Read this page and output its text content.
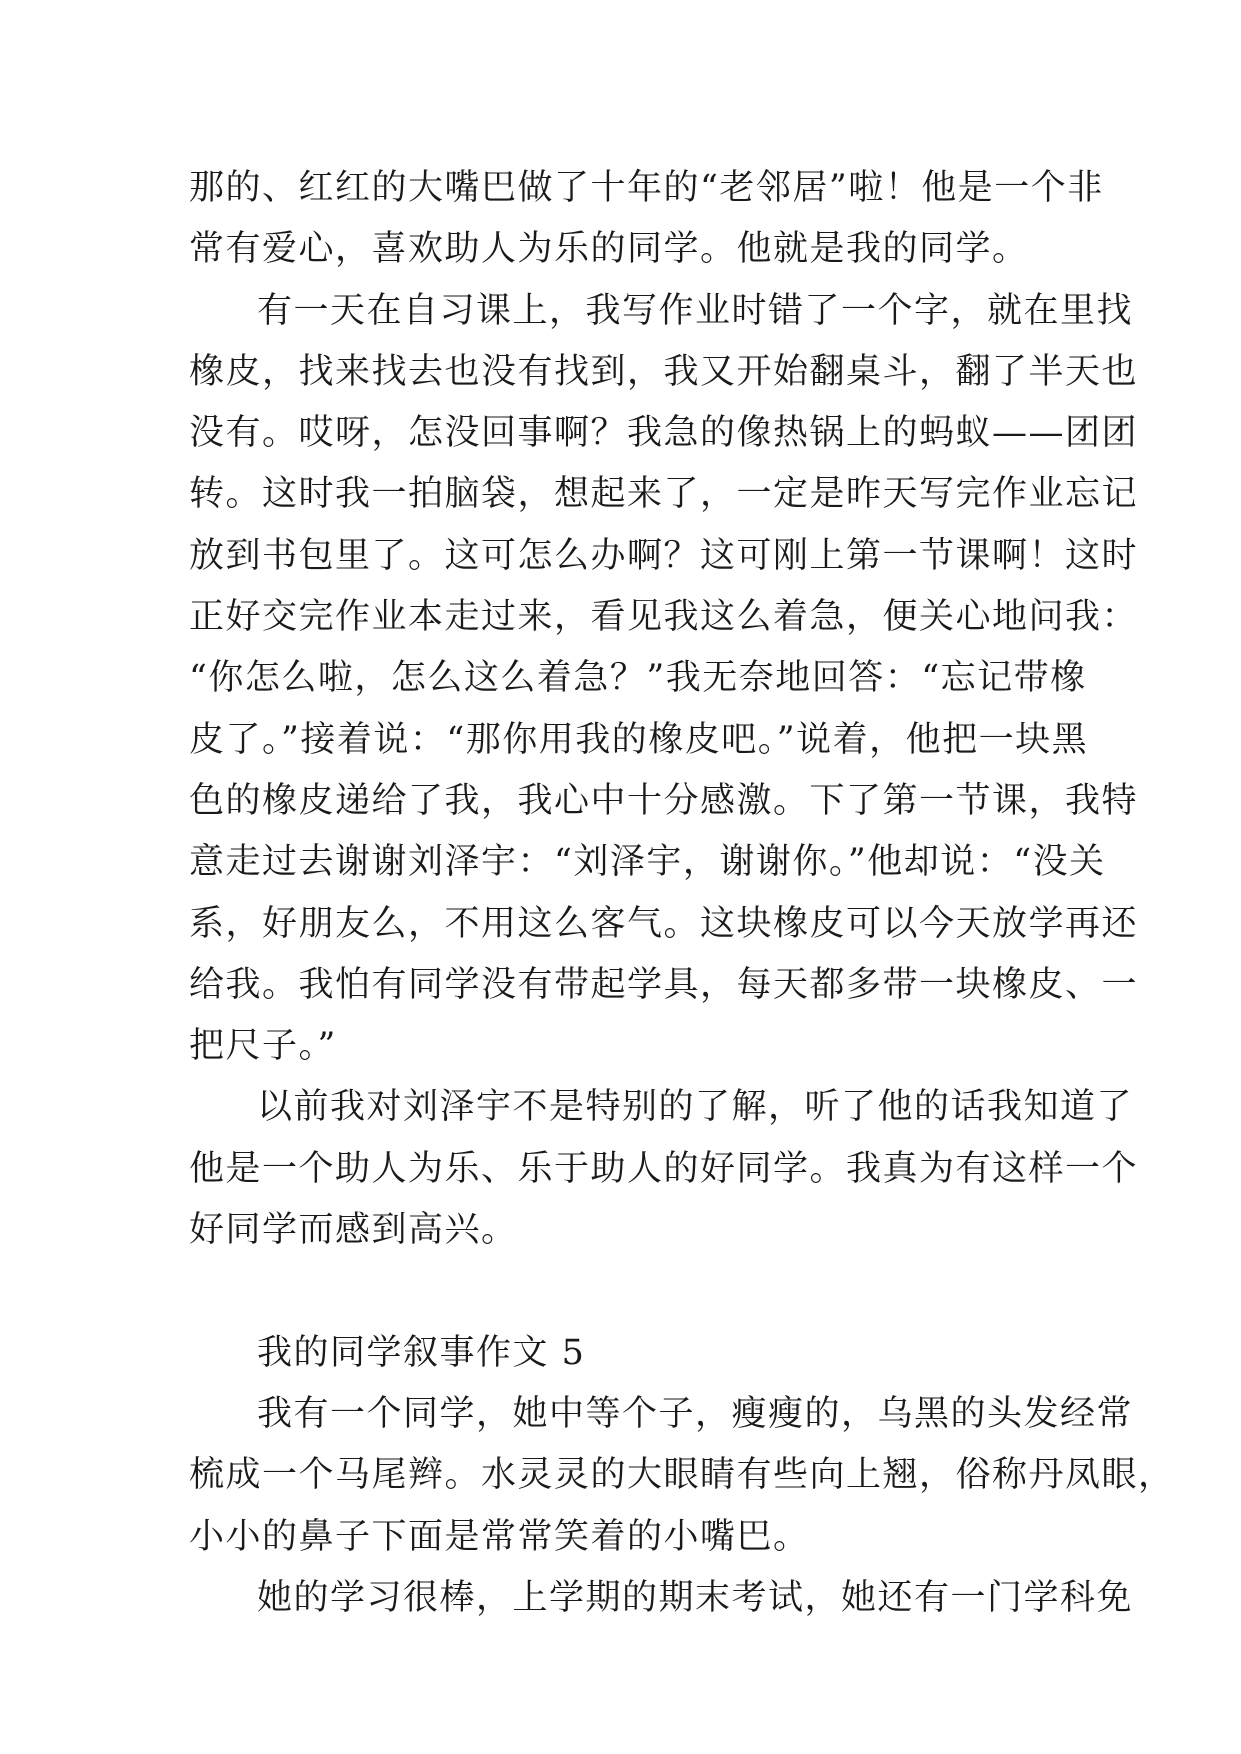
那的、红红的大嘴巴做了十年的“老邻居”啦！他是一个非
常有爱心，喜欢助人为乐的同学。他就是我的同学。
有一天在自习课上，我写作业时错了一个字，就在里找
橡皮，找来找去也没有找到，我又开始翻桌斗，翻了半天也
没有。哎呀，怎没回事啊？我急的像热锅上的蚂蚁——团团
转。这时我一拍脑袋，想起来了，一定是昨天写完作业忘记
放到书包里了。这可怎么办啊？这可刚上第一节课啊！这时
正好交完作业本走过来，看见我这么着急，便关心地问我：
“你怎么啦，怎么这么着急？”我无奈地回答：“忘记带橡
皮了。”接着说：“那你用我的橡皮吧。”说着，他把一块黑
色的橡皮递给了我，我心中十分感激。下了第一节课，我特
意走过去谢谢刘泽宇：“刘泽宇，谢谢你。”他却说：“没关
系，好朋友么，不用这么客气。这块橡皮可以今天放学再还
给我。我怕有同学没有带起学具，每天都多带一块橡皮、一
把尺子。”
以前我对刘泽宇不是特别的了解，听了他的话我知道了
他是一个助人为乐、乐于助人的好同学。我真为有这样一个
好同学而感到高兴。
我的同学叙事作文 5
我有一个同学，她中等个子，瘦瘦的，乌黑的头发经常
梳成一个马尾辫。水灵灵的大眼睛有些向上翘，俗称丹凤眼，
小小的鼻子下面是常常笑着的小嘴巴。
她的学习很棒，上学期的期末考试，她还有一门学科免
